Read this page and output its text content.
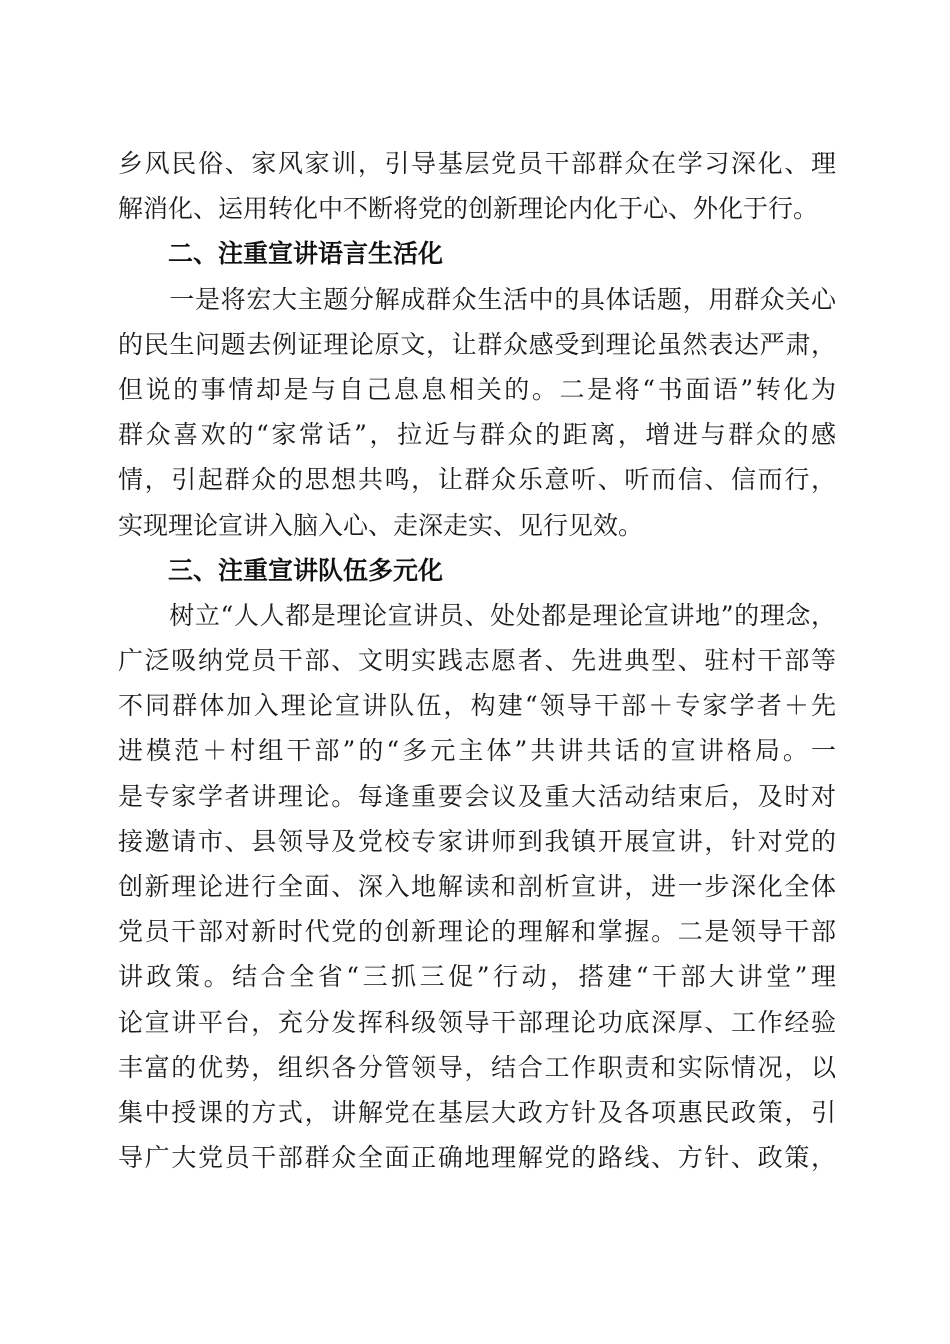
乡风民俗、家风家训，引导基层党员干部群众在学习深化、理
解消化、运用转化中不断将党的创新理论内化于心、外化于行。
二、注重宣讲语言生活化
　　一是将宏大主题分解成群众生活中的具体话题，用群众关心
的民生问题去例证理论原文，让群众感受到理论虽然表达严肃，
但说的事情却是与自己息息相关的。二是将“书面语”转化为
群众喜欢的“家常话”，拉近与群众的距离，增进与群众的感
情，引起群众的思想共鸣，让群众乐意听、听而信、信而行，
实现理论宣讲入脑入心、走深走实、见行见效。
三、注重宣讲队伍多元化
　　树立“人人都是理论宣讲员、处处都是理论宣讲地”的理念，
广泛吸纳党员干部、文明实践志愿者、先进典型、驻村干部等
不同群体加入理论宣讲队伍，构建“领导干部＋专家学者＋先
进模范＋村组干部”的“多元主体”共讲共话的宣讲格局。一
是专家学者讲理论。每逢重要会议及重大活动结束后，及时对
接邀请市、县领导及党校专家讲师到我镇开展宣讲，针对党的
创新理论进行全面、深入地解读和剖析宣讲，进一步深化全体
党员干部对新时代党的创新理论的理解和掌握。二是领导干部
讲政策。结合全省“三抓三促”行动，搭建“干部大讲堂”理
论宣讲平台，充分发挥科级领导干部理论功底深厚、工作经验
丰富的优势，组织各分管领导，结合工作职责和实际情况，以
集中授课的方式，讲解党在基层大政方针及各项惠民政策，引
导广大党员干部群众全面正确地理解党的路线、方针、政策，
